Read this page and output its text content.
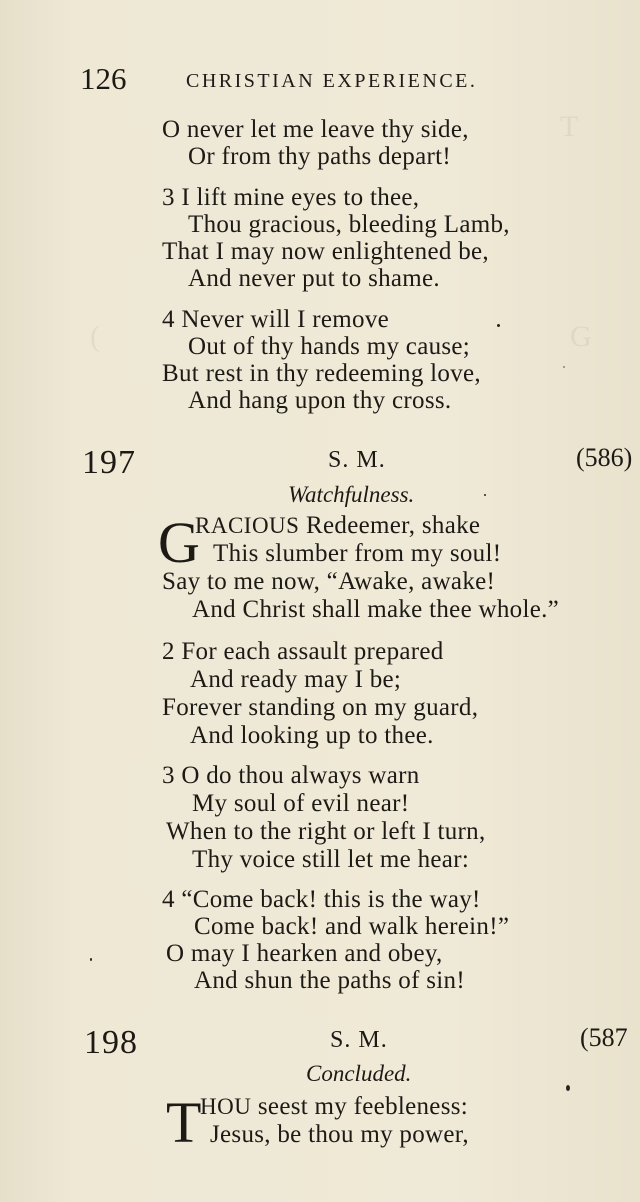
T
(	G
126	CHRISTIAN EXPERIENCE.
O never let me leave thy side,
Or from thy paths depart!
3 I lift mine eyes to thee,
Thou gracious, bleeding Lamb,
That I may now enlightened be,
And never put to shame.
4 Never will I remove
Out of thy hands my cause;
But rest in thy redeeming love,
And hang upon thy cross.
197	S. M.	(586)
Watchfulness.
G
RACIOUS Redeemer, shake
This slumber from my soul!
Say to me now, “Awake, awake!
And Christ shall make thee whole.”
2 For each assault prepared
And ready may I be;
Forever standing on my guard,
And looking up to thee.
3 O do thou always warn
My soul of evil near!
When to the right or left I turn,
Thy voice still let me hear:
4 “Come back! this is the way!
Come back! and walk herein!”
O may I hearken and obey,
And shun the paths of sin!
198	S. M.	(587
Concluded.
T
HOU seest my feebleness:
Jesus, be thou my power,
